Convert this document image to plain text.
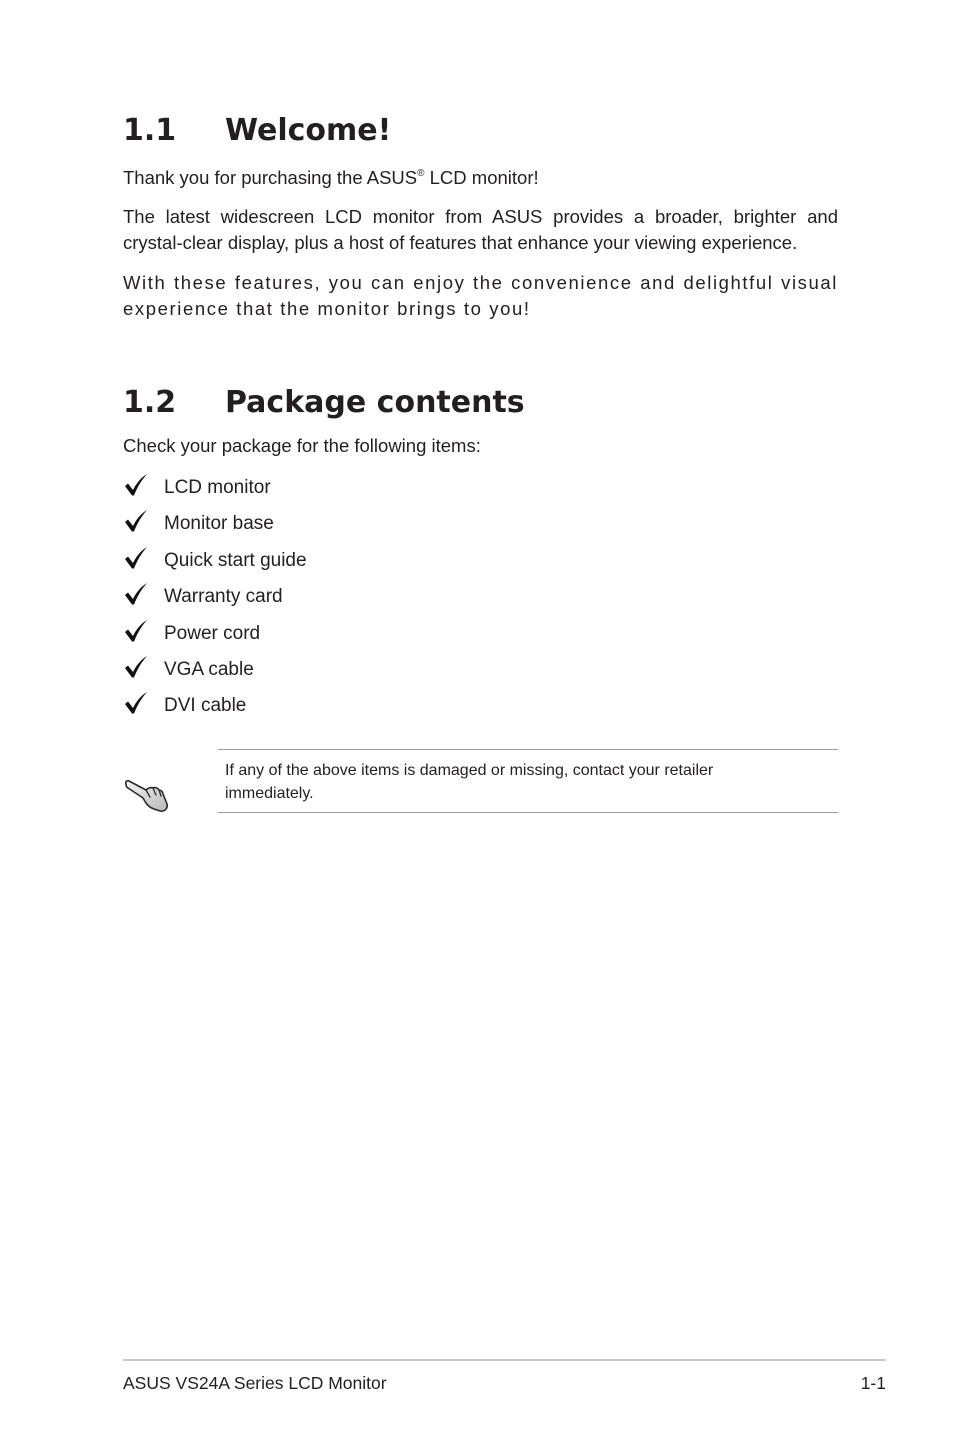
1.1 Welcome!
Thank you for purchasing the ASUS® LCD monitor!
The latest widescreen LCD monitor from ASUS provides a broader, brighter and crystal-clear display, plus a host of features that enhance your viewing experience.
With these features, you can enjoy the convenience and delightful visual experience that the monitor brings to you!
1.2 Package contents
Check your package for the following items:
LCD monitor
Monitor base
Quick start guide
Warranty card
Power cord
VGA cable
DVI cable
If any of the above items is damaged or missing, contact your retailer immediately.
ASUS VS24A Series LCD Monitor	1-1
